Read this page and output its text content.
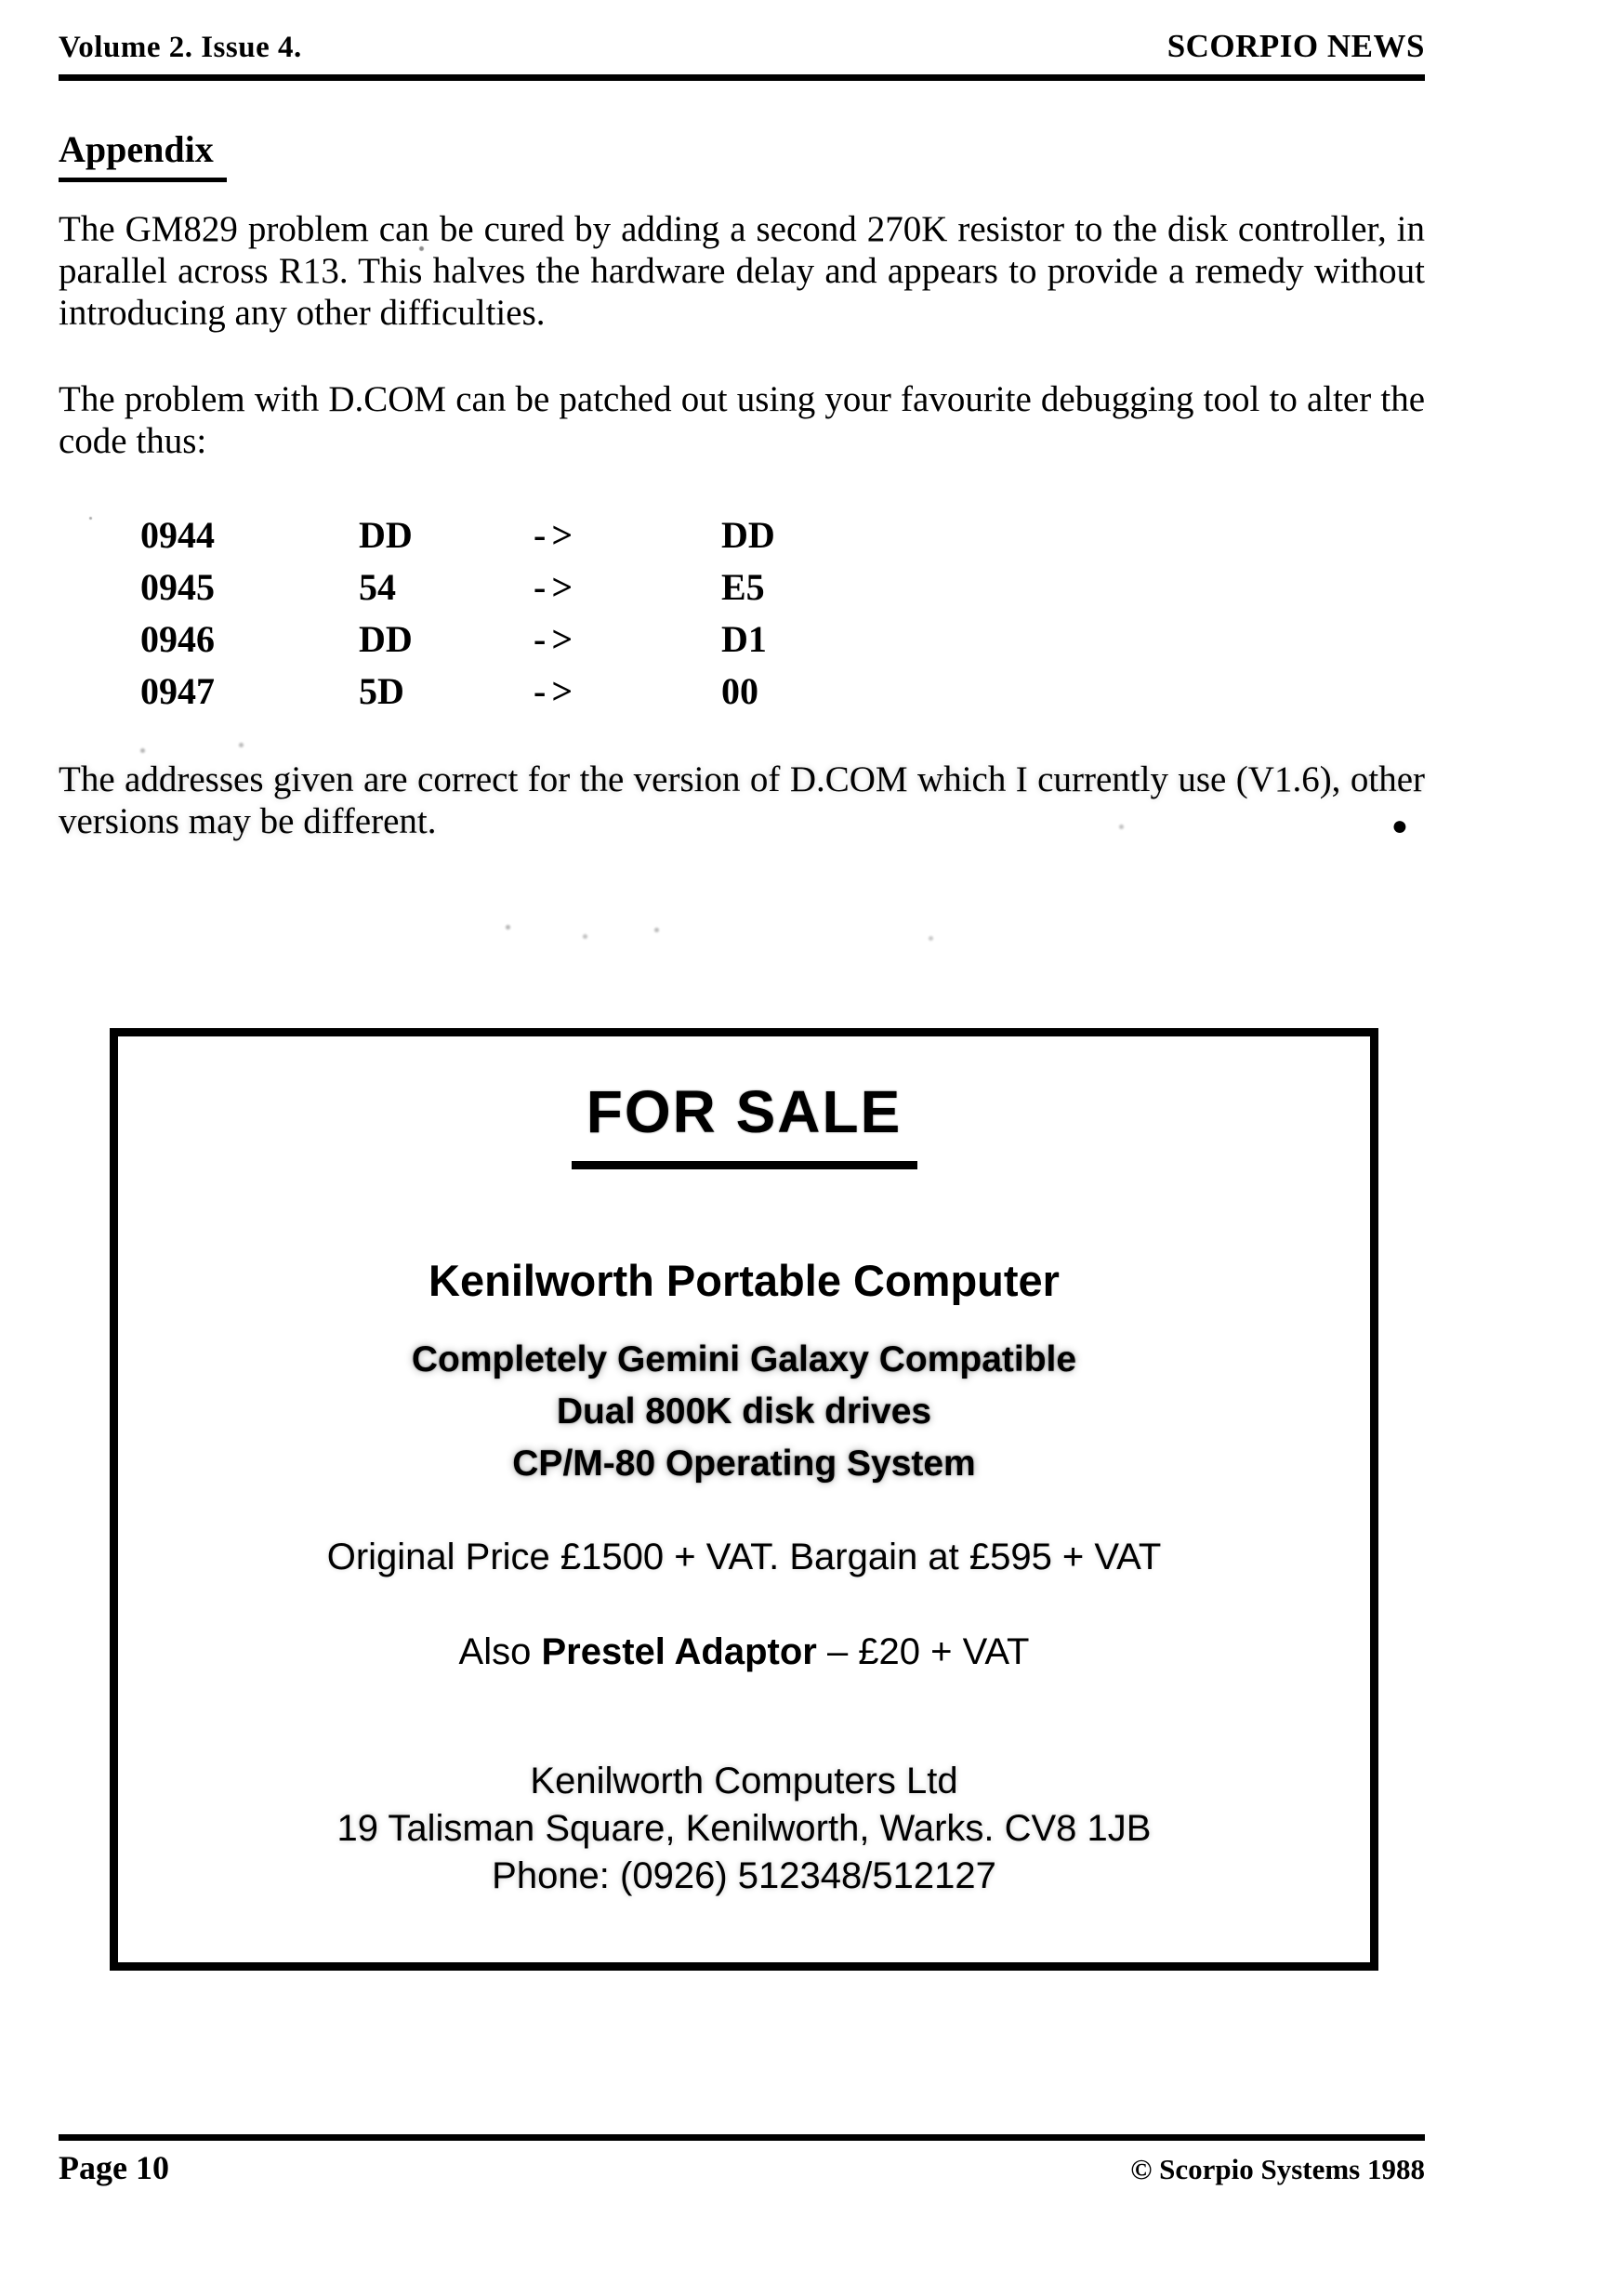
Volume 2. Issue 4.	SCORPIO NEWS
Appendix

The GM829 problem can be cured by adding a second 270K resistor to the disk controller, in parallel across R13. This halves the hardware delay and appears to provide a remedy without introducing any other difficulties.

The problem with D.COM can be patched out using your favourite debugging tool to alter the code thus:

0944	DD	->	DD
0945	54	->	E5
0946	DD	->	D1
0947	5D	->	00

The addresses given are correct for the version of D.COM which I currently use (V1.6), other versions may be different.	●
FOR SALE
Kenilworth Portable Computer
Completely Gemini Galaxy Compatible
Dual 800K disk drives
CP/M-80 Operating System

Original Price £1500 + VAT. Bargain at £595 + VAT

Also Prestel Adaptor – £20 + VAT

Kenilworth Computers Ltd
19 Talisman Square, Kenilworth, Warks. CV8 1JB
Phone: (0926) 512348/512127
Page 10	© Scorpio Systems 1988
